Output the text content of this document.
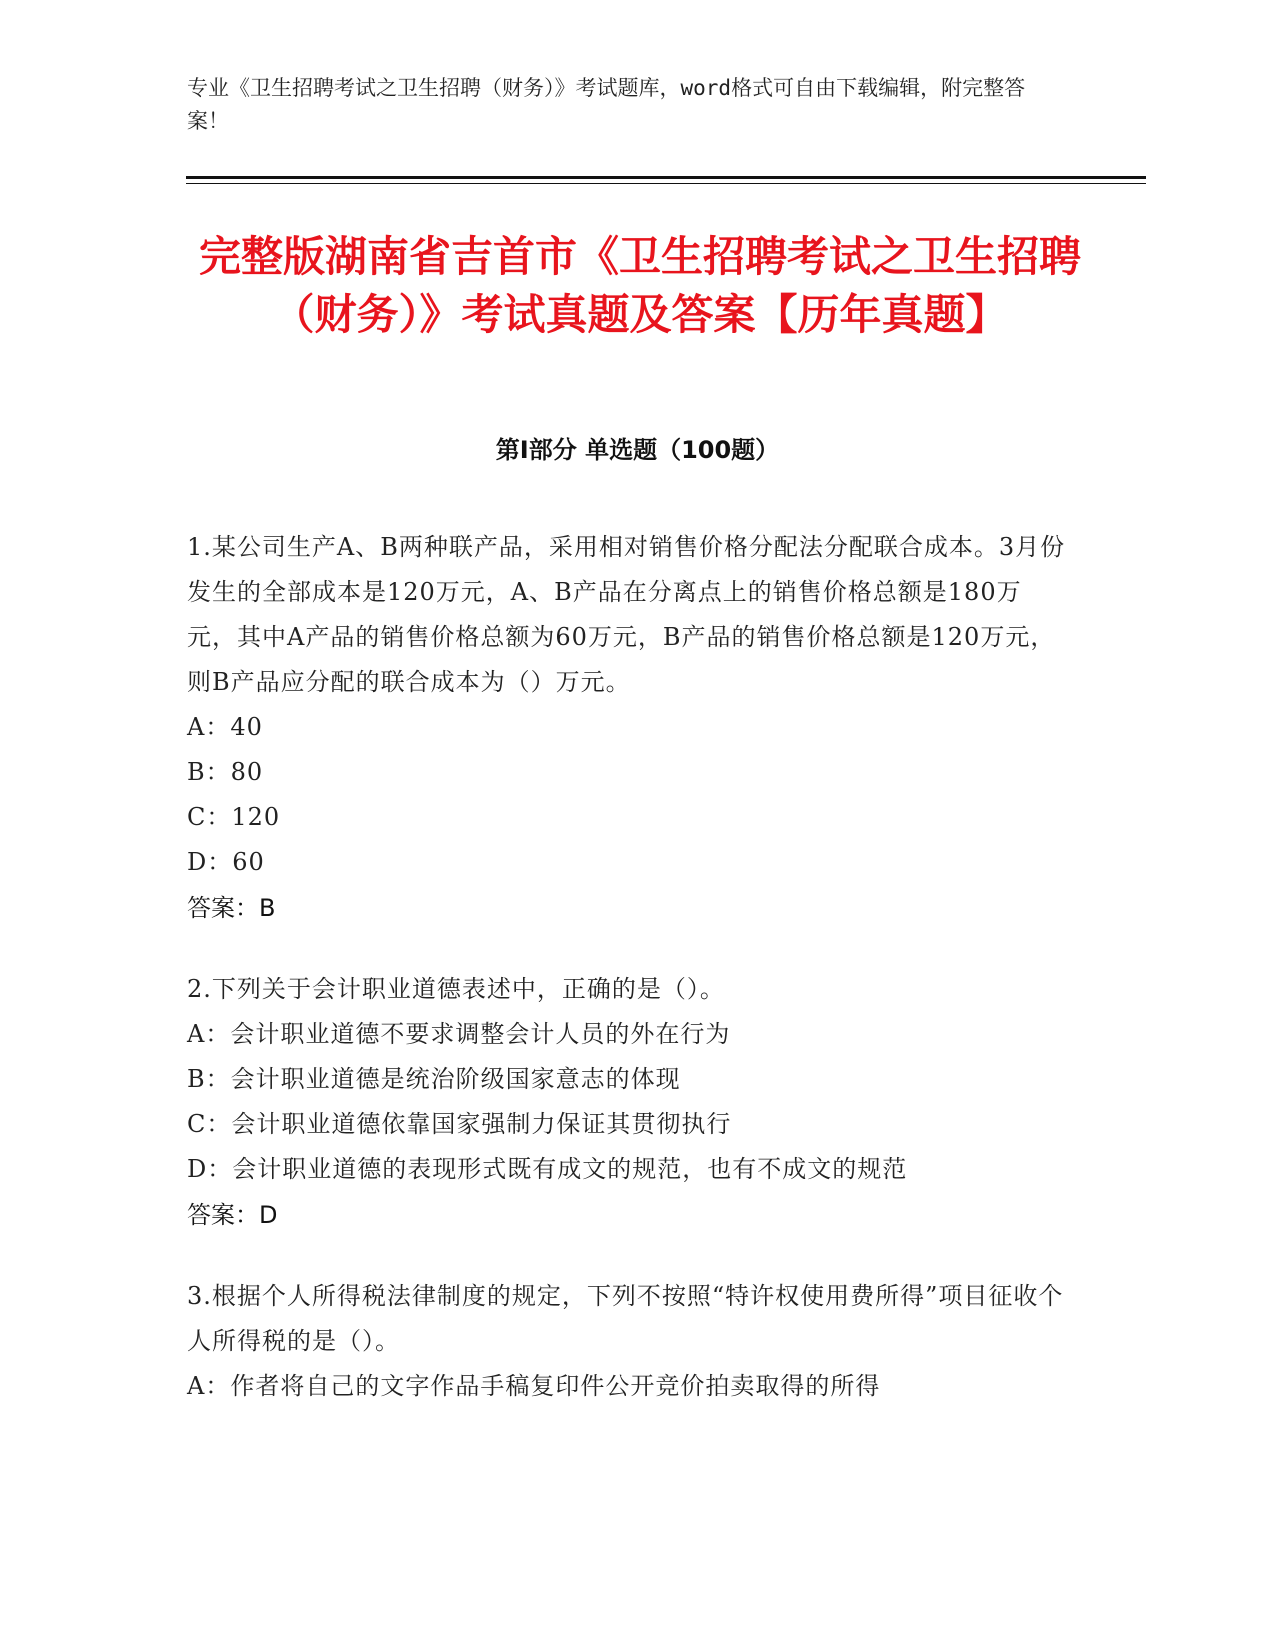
专业《卫生招聘考试之卫生招聘（财务）》考试题库，word格式可自由下载编辑，附完整答案！
完整版湖南省吉首市《卫生招聘考试之卫生招聘（财务）》考试真题及答案【历年真题】
第I部分 单选题（100题）
1.某公司生产A、B两种联产品，采用相对销售价格分配法分配联合成本。3月份发生的全部成本是120万元，A、B产品在分离点上的销售价格总额是180万元，其中A产品的销售价格总额为60万元，B产品的销售价格总额是120万元，则B产品应分配的联合成本为（）万元。
A：40
B：80
C：120
D：60
答案：B
2.下列关于会计职业道德表述中，正确的是（）。
A：会计职业道德不要求调整会计人员的外在行为
B：会计职业道德是统治阶级国家意志的体现
C：会计职业道德依靠国家强制力保证其贯彻执行
D：会计职业道德的表现形式既有成文的规范，也有不成文的规范
答案：D
3.根据个人所得税法律制度的规定，下列不按照“特许权使用费所得”项目征收个人所得税的是（）。
A：作者将自己的文字作品手稿复印件公开竞价拍卖取得的所得
